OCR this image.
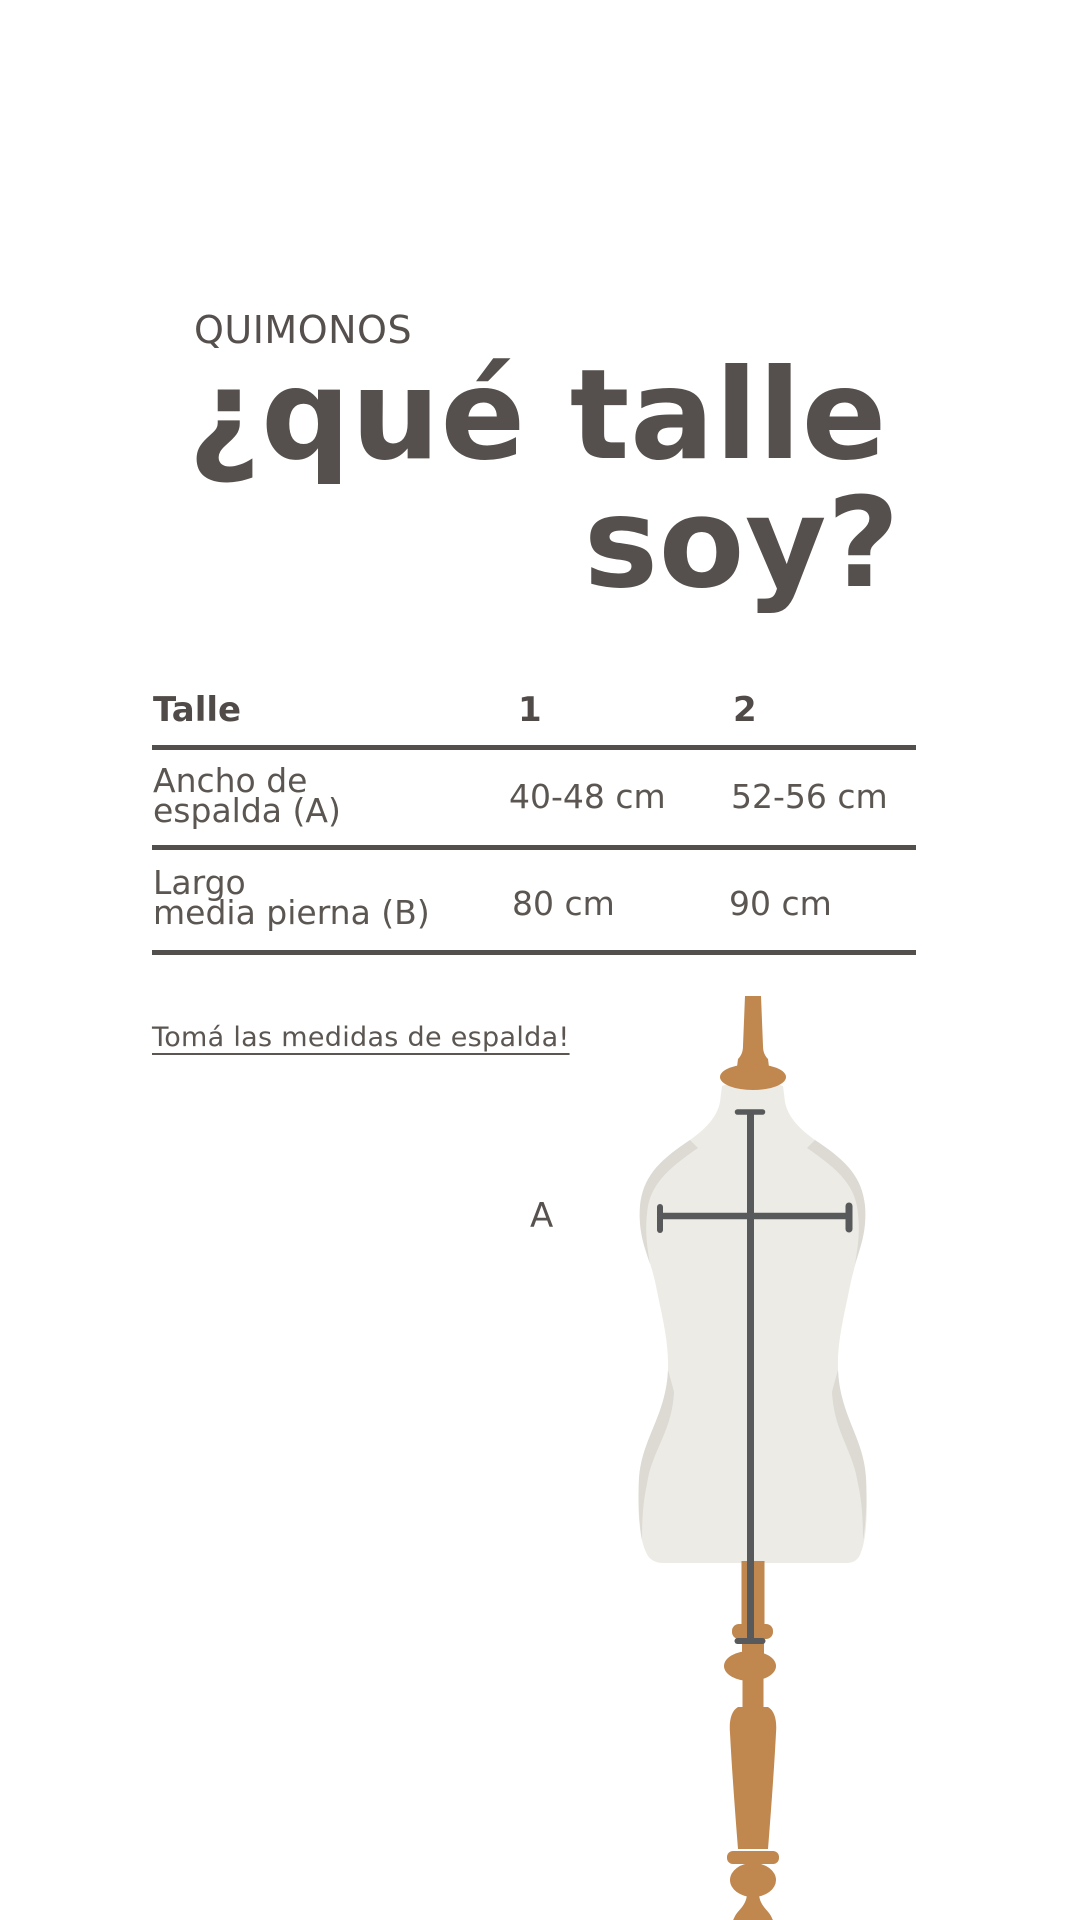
QUIMONOS
¿qué talle
soy?
Talle	1	2
Ancho de
espalda (A)	40-48 cm 52-56 cm
Largo
media pierna (B) 80 cm	90 cm
Tomá las medidas de espalda!
A
